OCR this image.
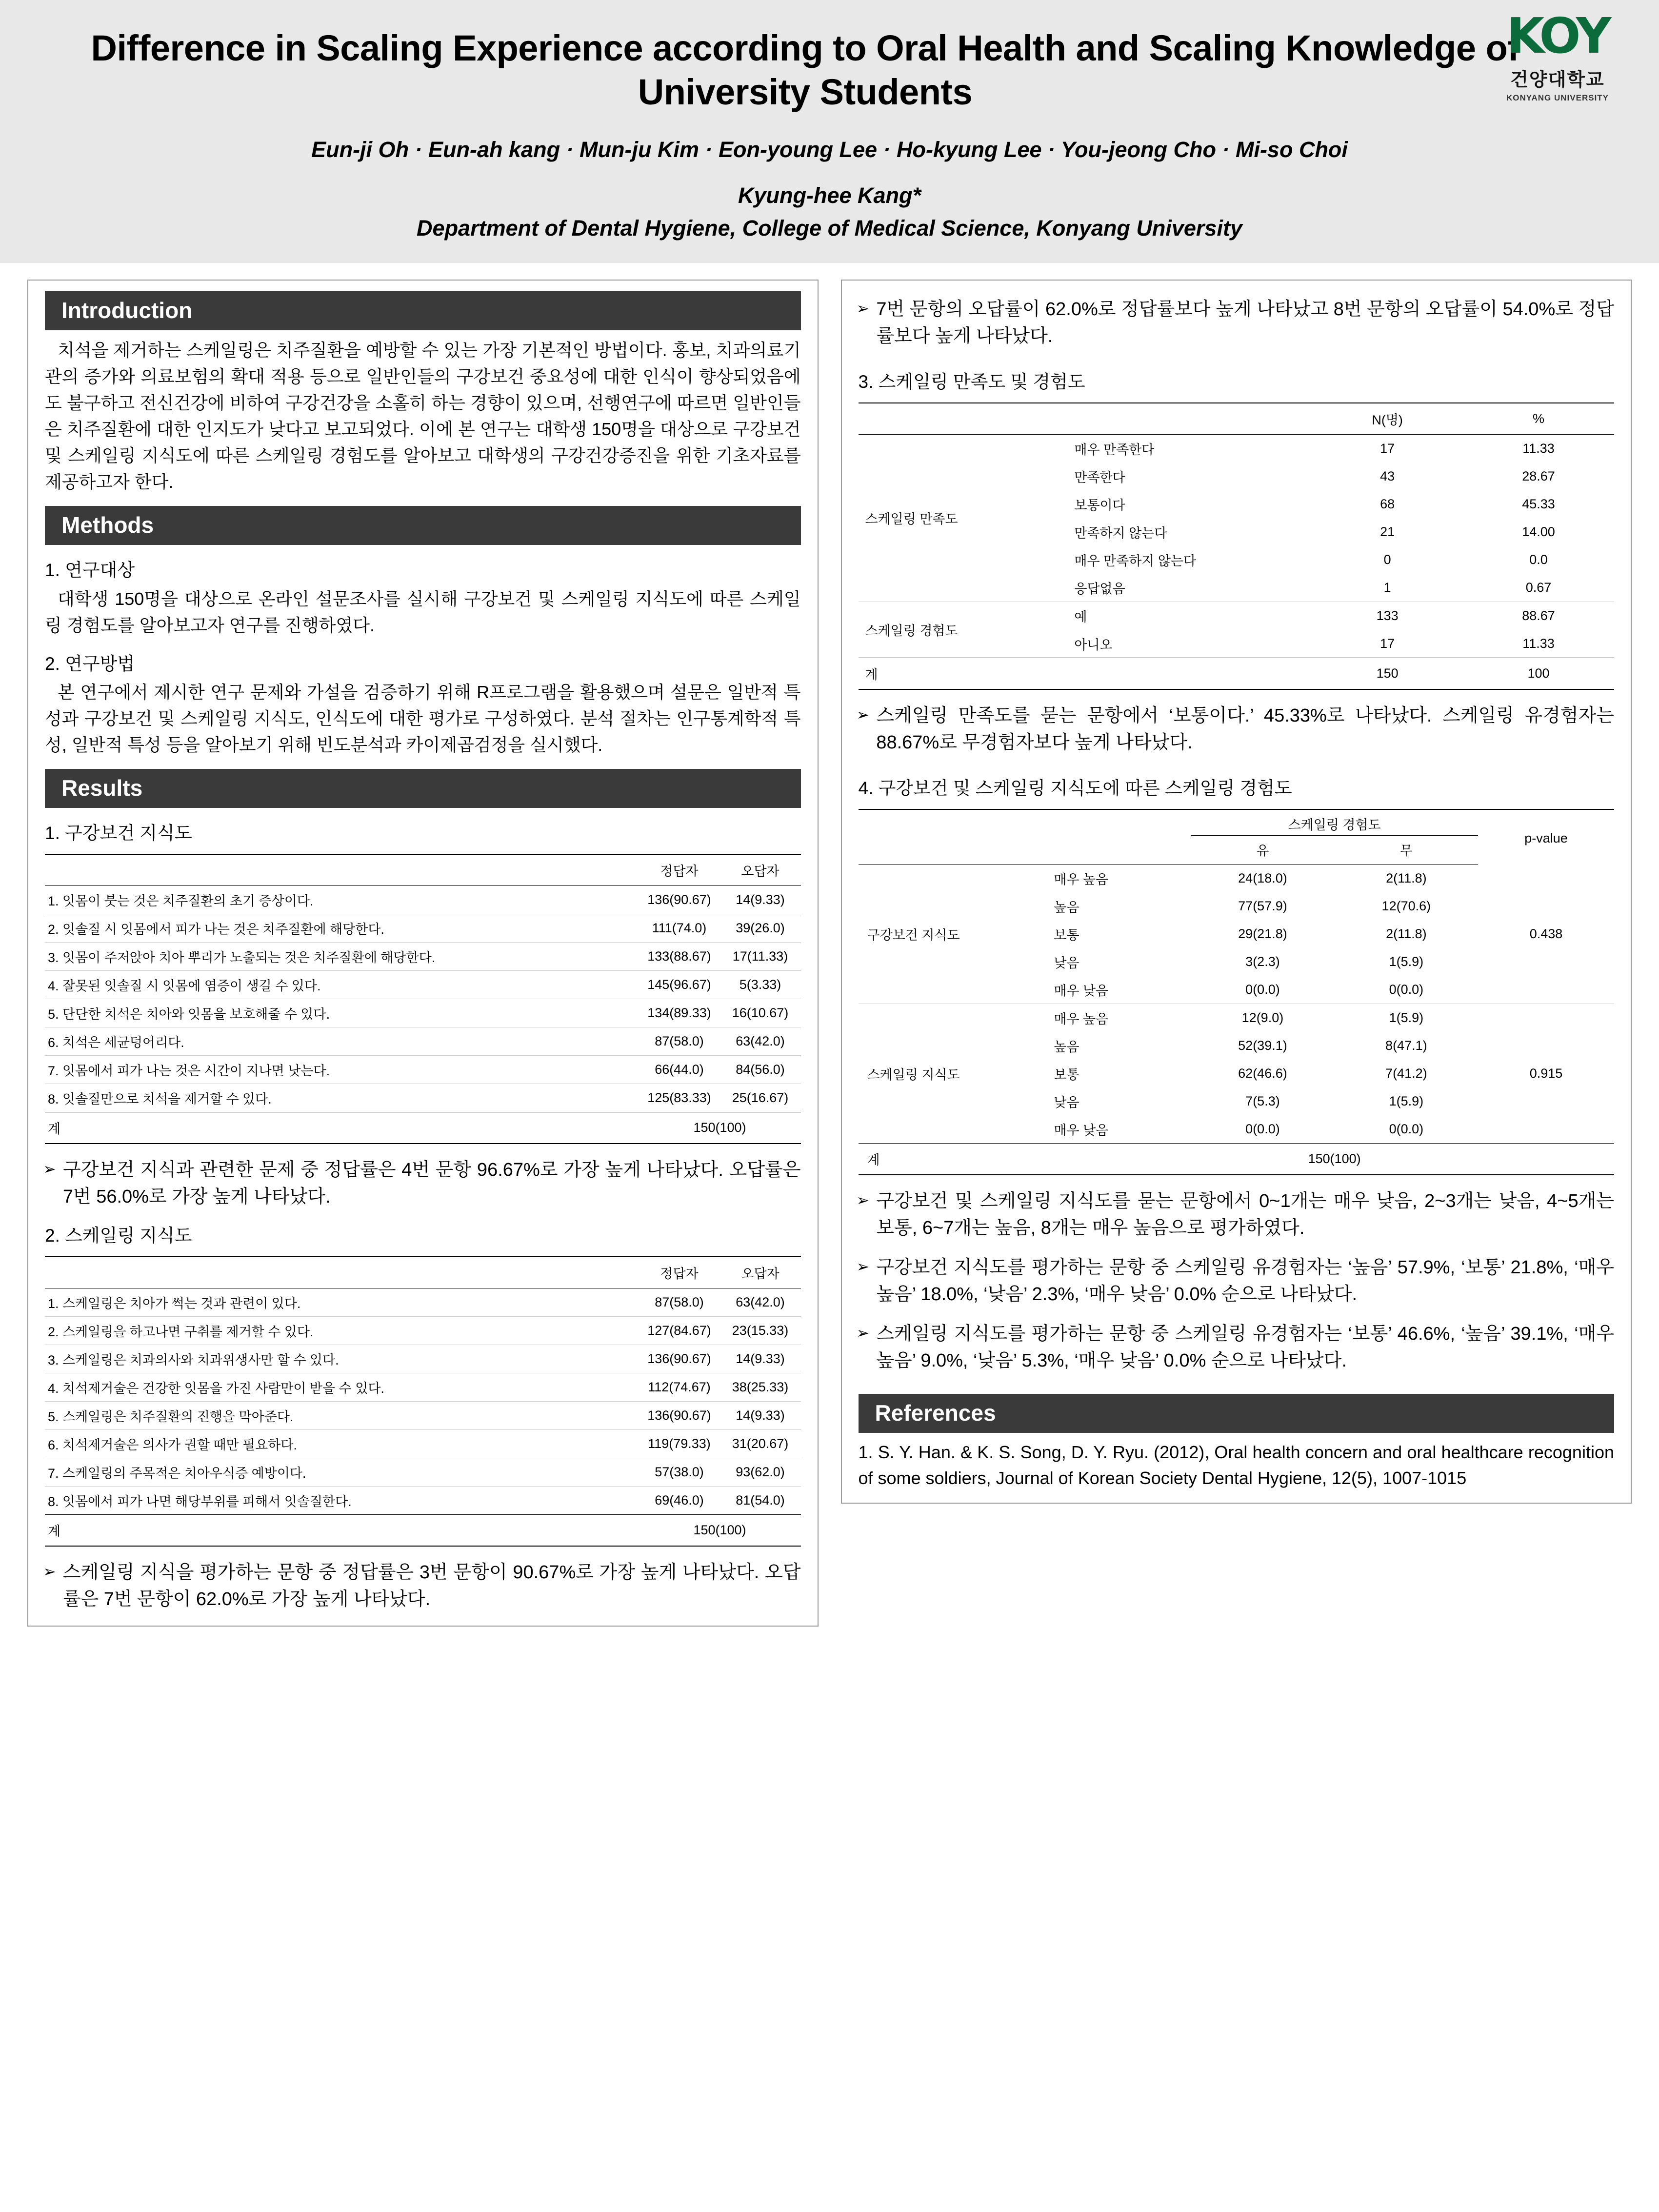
Difference in Scaling Experience according to Oral Health and Scaling Knowledge of University Students
Eun-ji Oh · Eun-ah kang · Mun-ju Kim · Eon-young Lee · Ho-kyung Lee · You-jeong Cho · Mi-so Choi
Kyung-hee Kang*
Department of Dental Hygiene, College of Medical Science, Konyang University
KOY
건양대학교
KONYANG UNIVERSITY
Introduction
치석을 제거하는 스케일링은 치주질환을 예방할 수 있는 가장 기본적인 방법이다. 홍보, 치과의료기관의 증가와 의료보험의 확대 적용 등으로 일반인들의 구강보건 중요성에 대한 인식이 향상되었음에도 불구하고 전신건강에 비하여 구강건강을 소홀히 하는 경향이 있으며, 선행연구에 따르면 일반인들은 치주질환에 대한 인지도가 낮다고 보고되었다. 이에 본 연구는 대학생 150명을 대상으로 구강보건 및 스케일링 지식도에 따른 스케일링 경험도를 알아보고 대학생의 구강건강증진을 위한 기초자료를 제공하고자 한다.
Methods
1. 연구대상
대학생 150명을 대상으로 온라인 설문조사를 실시해 구강보건 및 스케일링 지식도에 따른 스케일링 경험도를 알아보고자 연구를 진행하였다.
2. 연구방법
본 연구에서 제시한 연구 문제와 가설을 검증하기 위해 R프로그램을 활용했으며 설문은 일반적 특성과 구강보건 및 스케일링 지식도, 인식도에 대한 평가로 구성하였다. 분석 절차는 인구통계학적 특성, 일반적 특성 등을 알아보기 위해 빈도분석과 카이제곱검정을 실시했다.
Results
1. 구강보건 지식도
	정답자	오답자
1. 잇몸이 붓는 것은 치주질환의 초기 증상이다.	136(90.67)	14(9.33)
2. 잇솔질 시 잇몸에서 피가 나는 것은 치주질환에 해당한다.	111(74.0)	39(26.0)
3. 잇몸이 주저앉아 치아 뿌리가 노출되는 것은 치주질환에 해당한다.	133(88.67)	17(11.33)
4. 잘못된 잇솔질 시 잇몸에 염증이 생길 수 있다.	145(96.67)	5(3.33)
5. 단단한 치석은 치아와 잇몸을 보호해줄 수 있다.	134(89.33)	16(10.67)
6. 치석은 세균덩어리다.	87(58.0)	63(42.0)
7. 잇몸에서 피가 나는 것은 시간이 지나면 낫는다.	66(44.0)	84(56.0)
8. 잇솔질만으로 치석을 제거할 수 있다.	125(83.33)	25(16.67)
계	150(100)	
➢ 구강보건 지식과 관련한 문제 중 정답률은 4번 문항 96.67%로 가장 높게 나타났다. 오답률은 7번 56.0%로 가장 높게 나타났다.
2. 스케일링 지식도
	정답자	오답자
1. 스케일링은 치아가 썩는 것과 관련이 있다.	87(58.0)	63(42.0)
2. 스케일링을 하고나면 구취를 제거할 수 있다.	127(84.67)	23(15.33)
3. 스케일링은 치과의사와 치과위생사만 할 수 있다.	136(90.67)	14(9.33)
4. 치석제거술은 건강한 잇몸을 가진 사람만이 받을 수 있다.	112(74.67)	38(25.33)
5. 스케일링은 치주질환의 진행을 막아준다.	136(90.67)	14(9.33)
6. 치석제거술은 의사가 권할 때만 필요하다.	119(79.33)	31(20.67)
7. 스케일링의 주목적은 치아우식증 예방이다.	57(38.0)	93(62.0)
8. 잇몸에서 피가 나면 해당부위를 피해서 잇솔질한다.	69(46.0)	81(54.0)
계	150(100)	
➢ 스케일링 지식을 평가하는 문항 중 정답률은 3번 문항이 90.67%로 가장 높게 나타났다. 오답률은 7번 문항이 62.0%로 가장 높게 나타났다.
➢ 7번 문항의 오답률이 62.0%로 정답률보다 높게 나타났고 8번 문항의 오답률이 54.0%로 정답률보다 높게 나타났다.
3. 스케일링 만족도 및 경험도
		N(명)	%
스케일링 만족도	매우 만족한다	17	11.33
	만족한다	43	28.67
	보통이다	68	45.33
	만족하지 않는다	21	14.00
	매우 만족하지 않는다	0	0.0
	응답없음	1	0.67
스케일링 경험도	예	133	88.67
	아니오	17	11.33
계		150	100
➢ 스케일링 만족도를 묻는 문항에서 ‘보통이다.’ 45.33%로 나타났다. 스케일링 유경험자는 88.67%로 무경험자보다 높게 나타났다.
4. 구강보건 및 스케일링 지식도에 따른 스케일링 경험도
		스케일링 경험도		p-value
		유	무	
구강보건 지식도	매우 높음	24(18.0)	2(11.8)	0.438
	높음	77(57.9)	12(70.6)	
	보통	29(21.8)	2(11.8)	
	낮음	3(2.3)	1(5.9)	
	매우 낮음	0(0.0)	0(0.0)	
스케일링 지식도	매우 높음	12(9.0)	1(5.9)	0.915
	높음	52(39.1)	8(47.1)	
	보통	62(46.6)	7(41.2)	
	낮음	7(5.3)	1(5.9)	
	매우 낮음	0(0.0)	0(0.0)	
계		150(100)		
➢ 구강보건 및 스케일링 지식도를 묻는 문항에서 0~1개는 매우 낮음, 2~3개는 낮음, 4~5개는 보통, 6~7개는 높음, 8개는 매우 높음으로 평가하였다.
➢ 구강보건 지식도를 평가하는 문항 중 스케일링 유경험자는 ‘높음’ 57.9%, ‘보통’ 21.8%, ‘매우 높음’ 18.0%, ‘낮음’ 2.3%, ‘매우 낮음’ 0.0% 순으로 나타났다.
➢ 스케일링 지식도를 평가하는 문항 중 스케일링 유경험자는 ‘보통’ 46.6%, ‘높음’ 39.1%, ‘매우 높음’ 9.0%, ‘낮음’ 5.3%, ‘매우 낮음’ 0.0% 순으로 나타났다.
References
1. S. Y. Han. & K. S. Song, D. Y. Ryu. (2012), Oral health concern and oral healthcare recognition of some soldiers, Journal of Korean Society Dental Hygiene, 12(5), 1007-1015
